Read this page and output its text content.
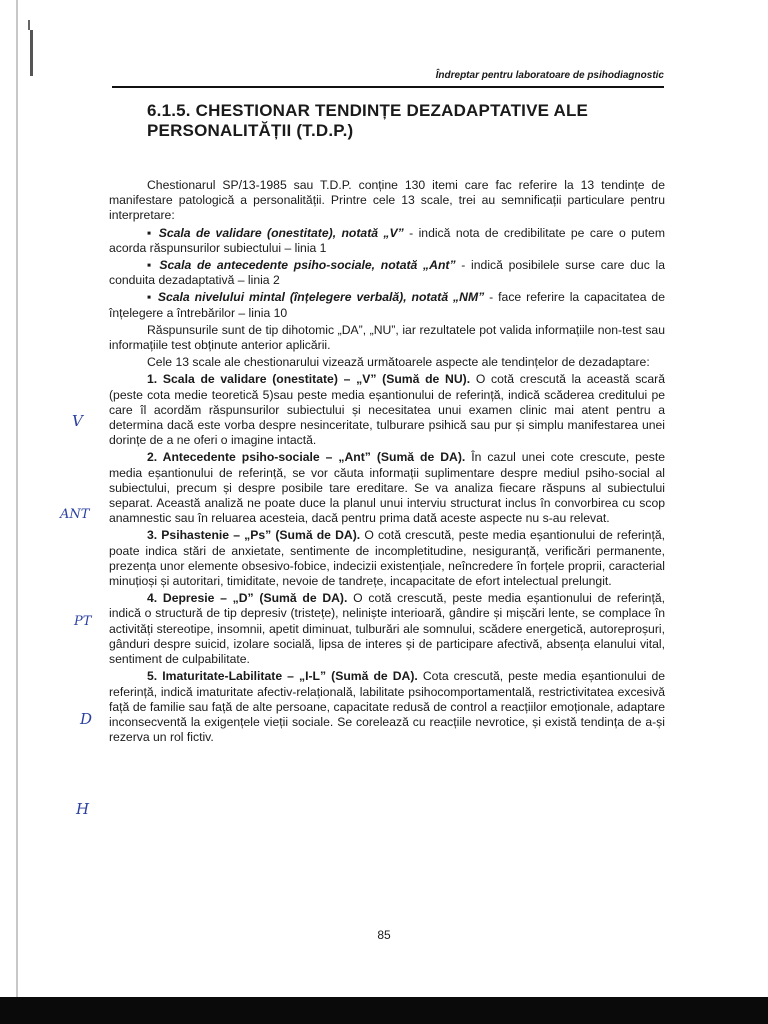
Îndreptar pentru laboratoare de psihodiagnostic
6.1.5. CHESTIONAR TENDINȚE DEZADAPTATIVE ALE PERSONALITĂȚII (T.D.P.)

Chestionarul SP/13-1985 sau T.D.P. conține 130 itemi care fac referire la 13 tendințe de manifestare patologică a personalității. Printre cele 13 scale, trei au semnificații particulare pentru interpretare:

▪ Scala de validare (onestitate), notată „V” - indică nota de credibilitate pe care o putem acorda răspunsurilor subiectului – linia 1

▪ Scala de antecedente psiho-sociale, notată „Ant” - indică posibilele surse care duc la conduita dezadaptativă – linia 2

▪ Scala nivelului mintal (înțelegere verbală), notată „NM” - face referire la capacitatea de înțelegere a întrebărilor – linia 10

Răspunsurile sunt de tip dihotomic „DA”, „NU”, iar rezultatele pot valida informațiile non-test sau informațiile test obținute anterior aplicării.

Cele 13 scale ale chestionarului vizează următoarele aspecte ale tendințelor de dezadaptare:

1. Scala de validare (onestitate) – „V” (Sumă de NU). O cotă crescută la această scară (peste cota medie teoretică 5)sau peste media eșantionului de referință, indică scăderea creditului pe care îl acordăm răspunsurilor subiectului și necesitatea unui examen clinic mai atent pentru a determina dacă este vorba despre nesinceritate, tulburare psihică sau pur și simplu manifestarea unei dorințe de a ne oferi o imagine intactă.

2. Antecedente psiho-sociale – „Ant” (Sumă de DA). În cazul unei cote crescute, peste media eșantionului de referință, se vor căuta informații suplimentare despre mediul psiho-social al subiectului, precum și despre posibile tare ereditare. Se va analiza fiecare răspuns al subiectului separat. Această analiză ne poate duce la planul unui interviu structurat inclus în convorbirea cu scop anamnestic sau în reluarea acesteia, dacă pentru prima dată aceste aspecte nu s-au relevat.

3. Psihastenie – „Ps” (Sumă de DA). O cotă crescută, peste media eșantionului de referință, poate indica stări de anxietate, sentimente de incompletitudine, nesiguranță, verificări permanente, prezența unor elemente obsesivo-fobice, indecizii existențiale, neîncredere în forțele proprii, caracterial minuțioși și autoritari, timiditate, nevoie de tandrețe, incapacitate de efort intelectual prelungit.

4. Depresie – „D” (Sumă de DA). O cotă crescută, peste media eșantionului de referință, indică o structură de tip depresiv (tristețe), neliniște interioară, gândire și mișcări lente, se complace în activități stereotipe, insomnii, apetit diminuat, tulburări ale somnului, scădere energetică, autoreproșuri, gânduri despre suicid, izolare socială, lipsa de interes și de participare afectivă, absența elanului vital, sentiment de culpabilitate.

5. Imaturitate-Labilitate – „I-L” (Sumă de DA). Cota crescută, peste media eșantionului de referință, indică imaturitate afectiv-relațională, labilitate psihocomportamentală, restrictivitatea excesivă față de familie sau față de alte persoane, capacitate redusă de control a reacțiilor emoționale, adaptare inconsecventă la exigențele vieții sociale. Se corelează cu reacțiile nevrotice, și există tendința de a-și rezerva un rol fictiv.

V
ANT
PT
D
H
85
